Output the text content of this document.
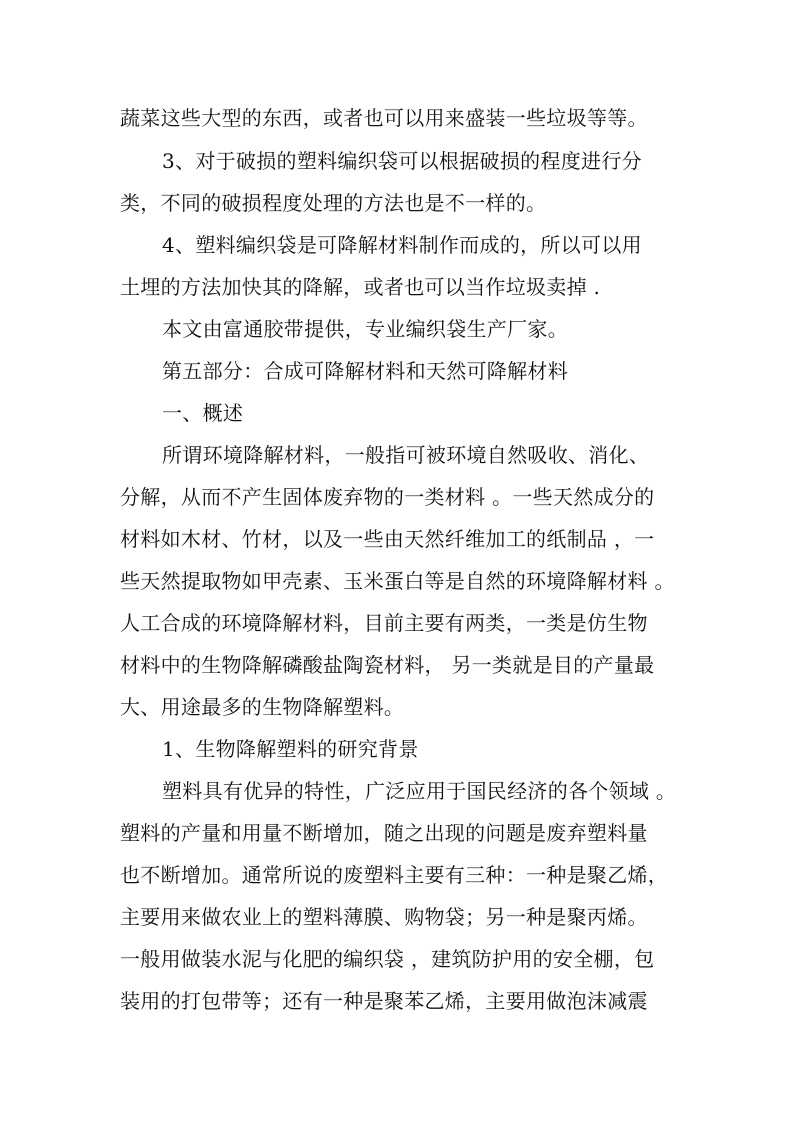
蔬菜这些大型的东西，或者也可以用来盛装一些垃圾等等。
3、对于破损的塑料编织袋可以根据破损的程度进行分
类，不同的破损程度处理的方法也是不一样的。
4、塑料编织袋是可降解材料制作而成的，所以可以用
土埋的方法加快其的降解，或者也可以当作垃圾卖掉 .
本文由富通胶带提供，专业编织袋生产厂家。
第五部分：合成可降解材料和天然可降解材料
一、概述
所谓环境降解材料，一般指可被环境自然吸收、消化、
分解，从而不产生固体废弃物的一类材料 。一些天然成分的
材料如木材、竹材，以及一些由天然纤维加工的纸制品 ，一
些天然提取物如甲壳素、玉米蛋白等是自然的环境降解材料 。
人工合成的环境降解材料，目前主要有两类，一类是仿生物
材料中的生物降解磷酸盐陶瓷材料， 另一类就是目的产量最
大、用途最多的生物降解塑料。
1、生物降解塑料的研究背景
塑料具有优异的特性，广泛应用于国民经济的各个领域 。
塑料的产量和用量不断增加，随之出现的问题是废弃塑料量
也不断增加。通常所说的废塑料主要有三种：一种是聚乙烯，
主要用来做农业上的塑料薄膜、购物袋；另一种是聚丙烯。
一般用做装水泥与化肥的编织袋 ，建筑防护用的安全棚，包
装用的打包带等；还有一种是聚苯乙烯，主要用做泡沫减震
